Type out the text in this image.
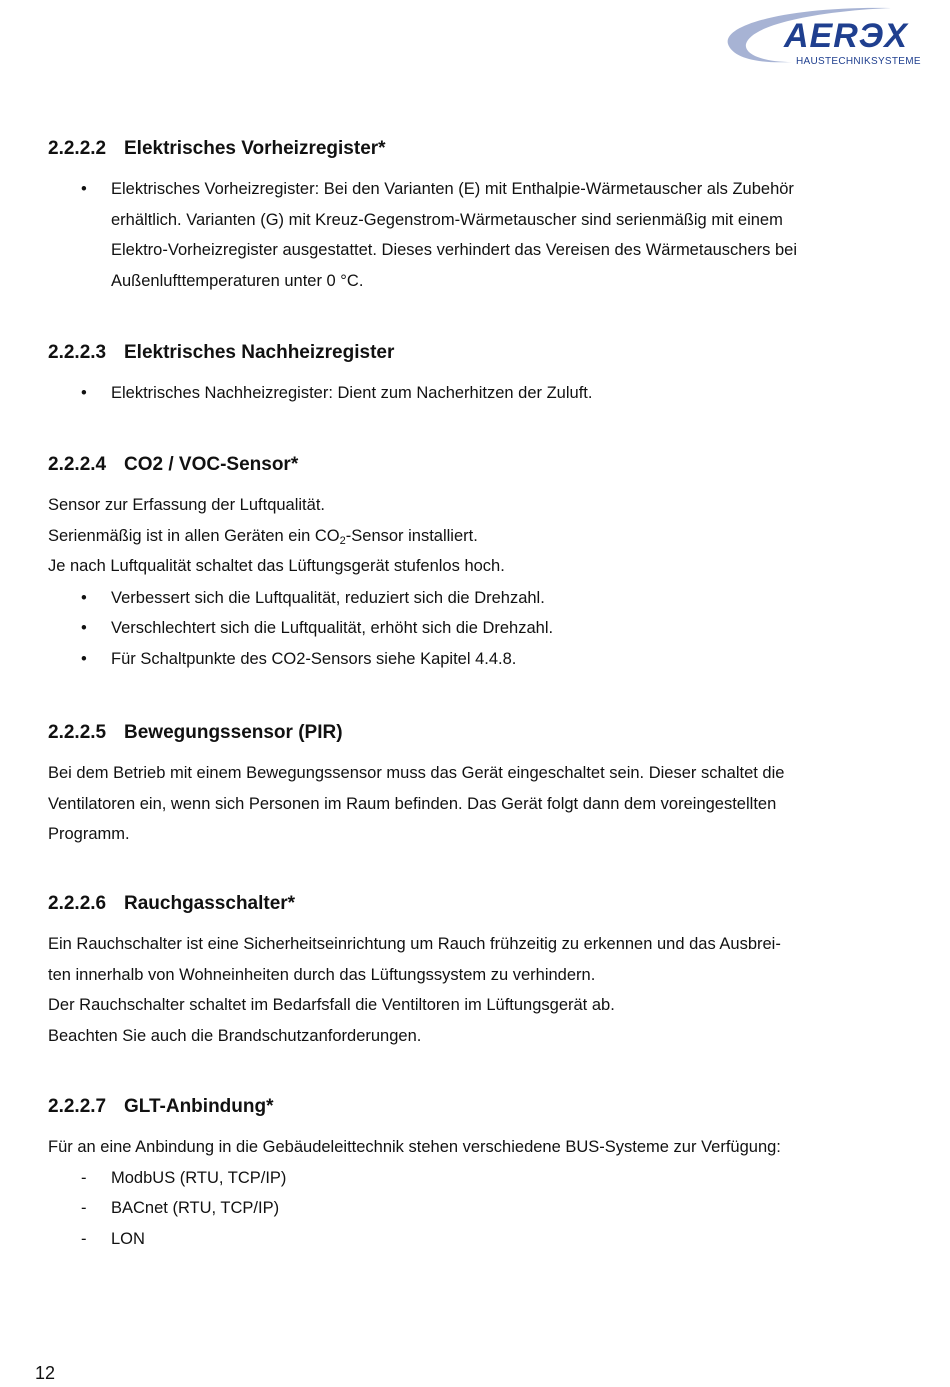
AERЭX
HAUSTECHNIKSYSTEME
2.2.2.2 Elektrisches Vorheizregister*
•
Elektrisches Vorheizregister: Bei den Varianten (E) mit Enthalpie-Wärmetauscher als Zubehör
erhältlich. Varianten (G) mit Kreuz-Gegenstrom-Wärmetauscher sind serienmäßig mit einem
Elektro-Vorheizregister ausgestattet. Dieses verhindert das Vereisen des Wärmetauschers bei
Außenlufttemperaturen unter 0 °C.
2.2.2.3 Elektrisches Nachheizregister
•
Elektrisches Nachheizregister: Dient zum Nacherhitzen der Zuluft.
2.2.2.4 CO2 / VOC-Sensor*

Sensor zur Erfassung der Luftqualität.

Serienmäßig ist in allen Geräten ein $CO_2$-Sensor installiert.

Je nach Luftqualität schaltet das Lüftungsgerät stufenlos hoch.

•
Verbessert sich die Luftqualität, reduziert sich die Drehzahl.
•
Verschlechtert sich die Luftqualität, erhöht sich die Drehzahl.
•
Für Schaltpunkte des CO2-Sensors siehe Kapitel 4.4.8.
2.2.2.5 Bewegungssensor (PIR)

Bei dem Betrieb mit einem Bewegungssensor muss das Gerät eingeschaltet sein. Dieser schaltet die
Ventilatoren ein, wenn sich Personen im Raum befinden. Das Gerät folgt dann dem voreingestellten
Programm.

2.2.2.6 Rauchgasschalter*

Ein Rauchschalter ist eine Sicherheitseinrichtung um Rauch frühzeitig zu erkennen und das Ausbrei-
ten innerhalb von Wohneinheiten durch das Lüftungssystem zu verhindern.
Der Rauchschalter schaltet im Bedarfsfall die Ventiltoren im Lüftungsgerät ab.
Beachten Sie auch die Brandschutzanforderungen.

2.2.2.7 GLT-Anbindung*

Für an eine Anbindung in die Gebäudeleittechnik stehen verschiedene BUS-Systeme zur Verfügung:

-
ModbUS (RTU, TCP/IP)
-
BACnet (RTU, TCP/IP)
-
LON
12
